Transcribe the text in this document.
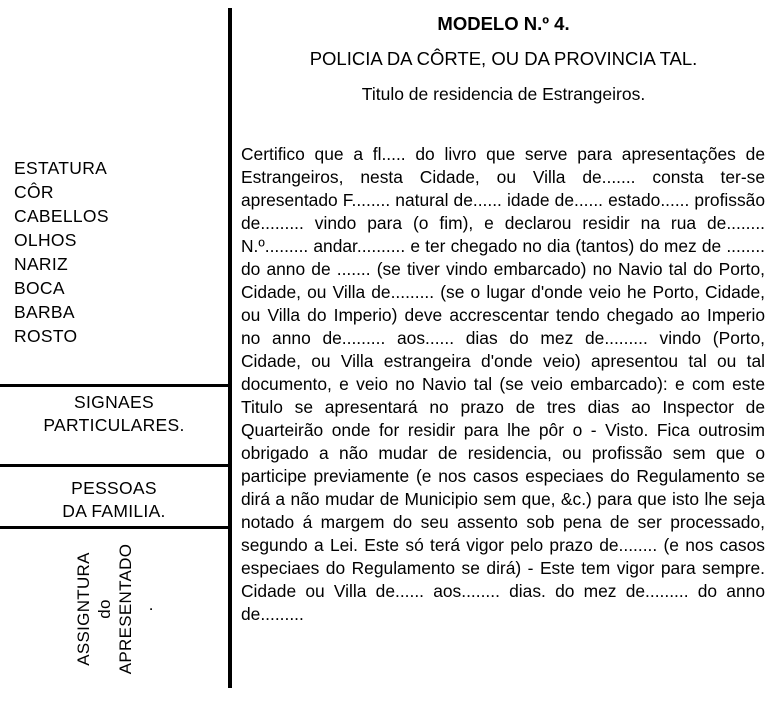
ESTATURA
CÔR
CABELLOS
OLHOS
NARIZ
BOCA
BARBA
ROSTO
SIGNAES
PARTICULARES.
PESSOAS
DA FAMILIA.
ASSIGNTURA do APRESENTADO .
MODELO N.º 4.
POLICIA DA CÔRTE, OU DA PROVINCIA TAL.
Titulo de residencia de Estrangeiros.
Certifico que a fl..... do livro que serve para apresentações de Estrangeiros, nesta Cidade, ou Villa de....... consta ter-se apresentado F........ natural de...... idade de...... estado...... profissão de......... vindo para (o fim), e declarou residir na rua de........ N.º......... andar.......... e ter chegado no dia (tantos) do mez de ........ do anno de ....... (se tiver vindo embarcado) no Navio tal do Porto, Cidade, ou Villa de......... (se o lugar d'onde veio he Porto, Cidade, ou Villa do Imperio) deve accrescentar tendo chegado ao Imperio no anno de......... aos...... dias do mez de......... vindo (Porto, Cidade, ou Villa estrangeira d'onde veio) apresentou tal ou tal documento, e veio no Navio tal (se veio embarcado): e com este Titulo se apresentará no prazo de tres dias ao Inspector de Quarteirão onde for residir para lhe pôr o - Visto. Fica outrosim obrigado a não mudar de residencia, ou profissão sem que o participe previamente (e nos casos especiaes do Regulamento se dirá a não mudar de Municipio sem que, &c.) para que isto lhe seja notado á margem do seu assento sob pena de ser processado, segundo a Lei. Este só terá vigor pelo prazo de........ (e nos casos especiaes do Regulamento se dirá) - Este tem vigor para sempre. Cidade ou Villa de...... aos........ dias. do mez de......... do anno de.........
